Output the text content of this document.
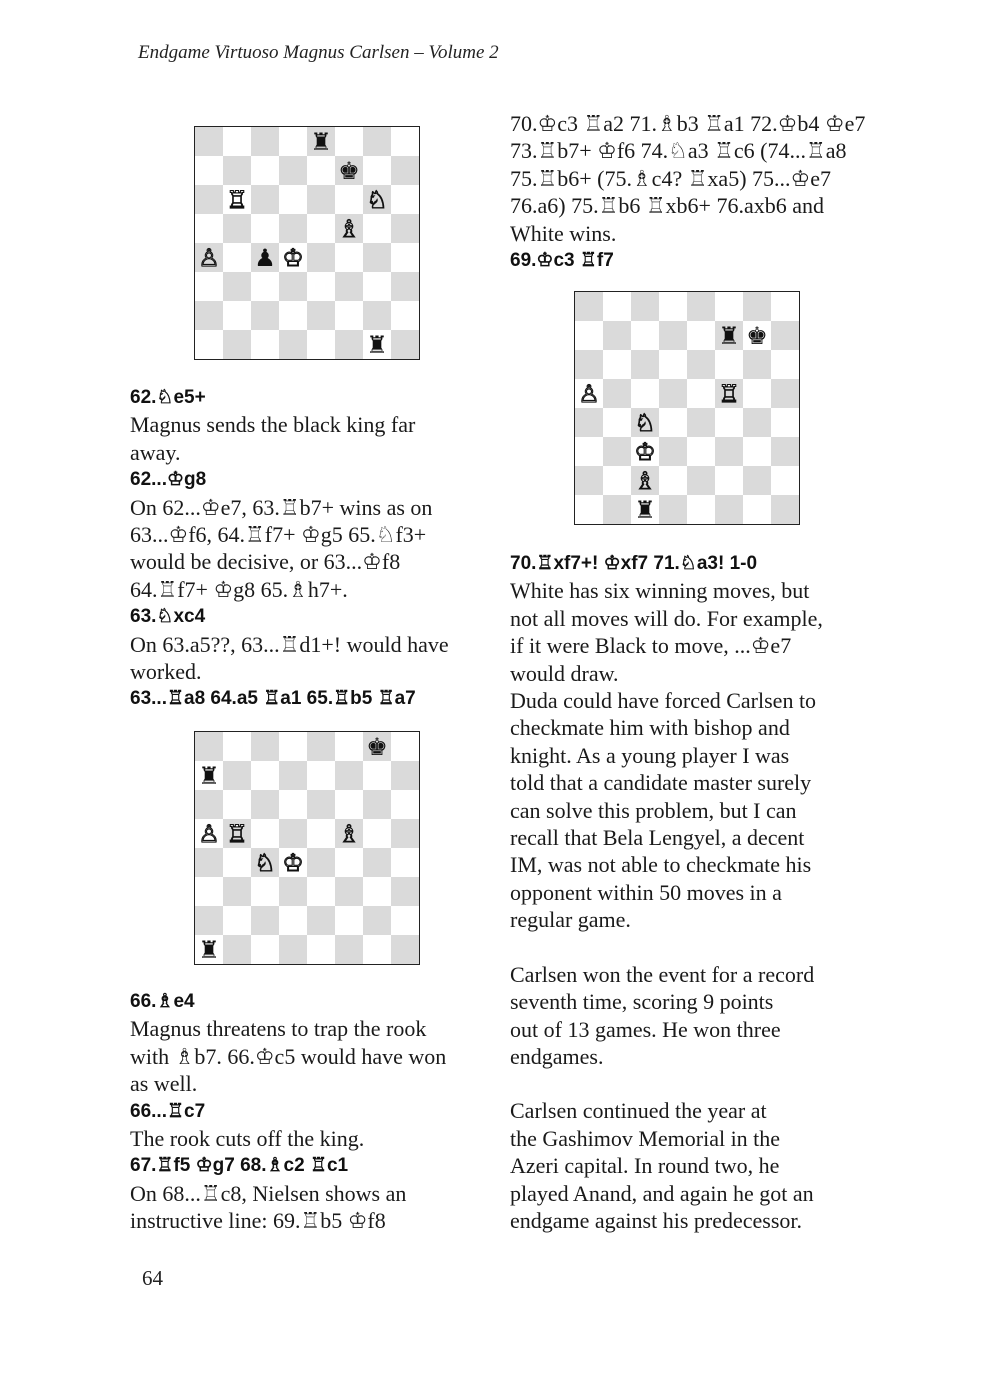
Endgame Virtuoso Magnus Carlsen – Volume 2

♜
♚
♖	♘
♗
♙ ♟ ♔
♜
♚
♜
♙ ♖	♗
♘ ♔
♜
♜ ♚
♙	♖
♘
♔
♗
♜

62.♘e5+

Magnus sends the black king far

away.

62...♔g8

On 62...♔e7, 63.♖b7+ wins as on

63...♔f6, 64.♖f7+ ♔g5 65.♘f3+

would be decisive, or 63...♔f8

64.♖f7+ ♔g8 65.♗h7+.

63.♘xc4

On 63.a5??, 63...♖d1+! would have

worked.

63...♖a8 64.a5 ♖a1 65.♖b5 ♖a7

66.♗e4

Magnus threatens to trap the rook

with ♗b7. 66.♔c5 would have won

as well.

66...♖c7

The rook cuts off the king.

67.♖f5 ♔g7 68.♗c2 ♖c1

On 68...♖c8, Nielsen shows an

instructive line: 69.♖b5 ♔f8

70.♔c3 ♖a2 71.♗b3 ♖a1 72.♔b4 ♔e7

73.♖b7+ ♔f6 74.♘a3 ♖c6 (74...♖a8

75.♖b6+ (75.♗c4? ♖xa5) 75...♔e7

76.a6) 75.♖b6 ♖xb6+ 76.axb6 and

White wins.

69.♔c3 ♖f7

70.♖xf7+! ♔xf7 71.♘a3! 1-0

White has six winning moves, but

not all moves will do. For example,

if it were Black to move, ...♔e7

would draw.

Duda could have forced Carlsen to

checkmate him with bishop and

knight. As a young player I was

told that a candidate master surely

can solve this problem, but I can

recall that Bela Lengyel, a decent

IM, was not able to checkmate his

opponent within 50 moves in a

regular game.

Carlsen won the event for a record

seventh time, scoring 9 points

out of 13 games. He won three

endgames.

Carlsen continued the year at

the Gashimov Memorial in the

Azeri capital. In round two, he

played Anand, and again he got an

endgame against his predecessor.

64
